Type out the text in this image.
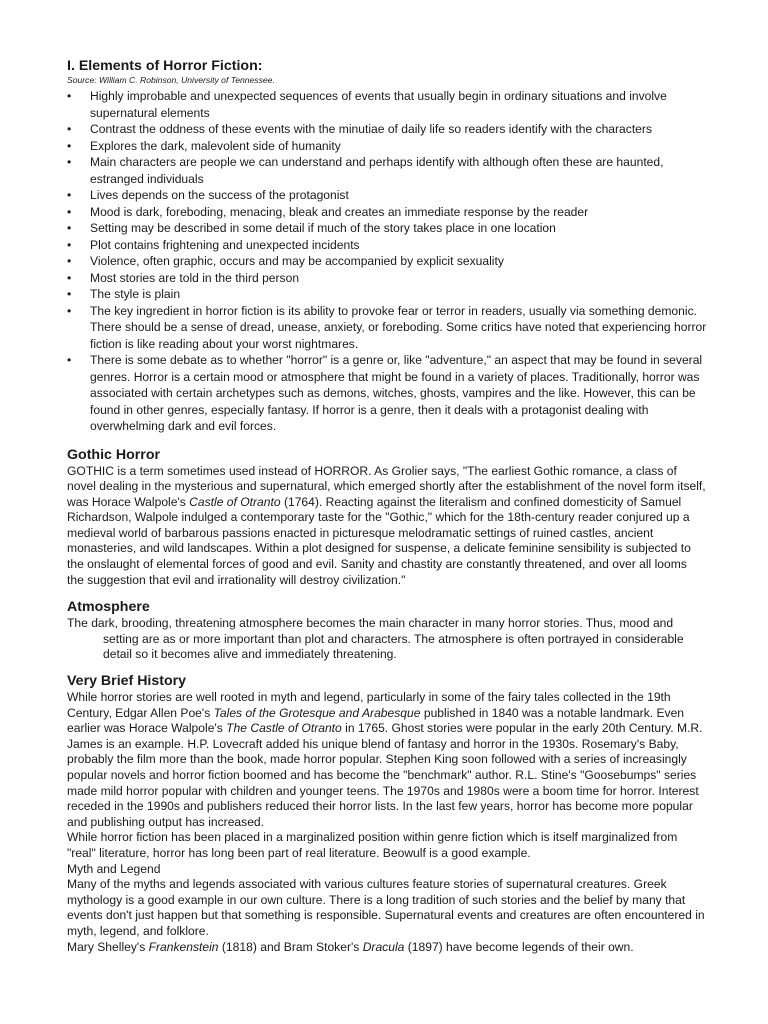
I. Elements of Horror Fiction:

Source: William C. Robinson, University of Tennessee.

• Highly improbable and unexpected sequences of events that usually begin in ordinary situations and involve supernatural elements
• Contrast the oddness of these events with the minutiae of daily life so readers identify with the characters
• Explores the dark, malevolent side of humanity
• Main characters are people we can understand and perhaps identify with although often these are haunted, estranged individuals
• Lives depends on the success of the protagonist
• Mood is dark, foreboding, menacing, bleak and creates an immediate response by the reader
• Setting may be described in some detail if much of the story takes place in one location
• Plot contains frightening and unexpected incidents
• Violence, often graphic, occurs and may be accompanied by explicit sexuality
• Most stories are told in the third person
• The style is plain
• The key ingredient in horror fiction is its ability to provoke fear or terror in readers, usually via something demonic. There should be a sense of dread, unease, anxiety, or foreboding. Some critics have noted that experiencing horror fiction is like reading about your worst nightmares.
• There is some debate as to whether "horror" is a genre or, like "adventure," an aspect that may be found in several genres. Horror is a certain mood or atmosphere that might be found in a variety of places. Traditionally, horror was associated with certain archetypes such as demons, witches, ghosts, vampires and the like. However, this can be found in other genres, especially fantasy. If horror is a genre, then it deals with a protagonist dealing with overwhelming dark and evil forces.
Gothic Horror

GOTHIC is a term sometimes used instead of HORROR. As Grolier says, "The earliest Gothic romance, a class of novel dealing in the mysterious and supernatural, which emerged shortly after the establishment of the novel form itself, was Horace Walpole's Castle of Otranto (1764). Reacting against the literalism and confined domesticity of Samuel Richardson, Walpole indulged a contemporary taste for the "Gothic," which for the 18th-century reader conjured up a medieval world of barbarous passions enacted in picturesque melodramatic settings of ruined castles, ancient monasteries, and wild landscapes. Within a plot designed for suspense, a delicate feminine sensibility is subjected to the onslaught of elemental forces of good and evil. Sanity and chastity are constantly threatened, and over all looms the suggestion that evil and irrationality will destroy civilization."

Atmosphere

The dark, brooding, threatening atmosphere becomes the main character in many horror stories. Thus, mood and setting are as or more important than plot and characters. The atmosphere is often portrayed in considerable detail so it becomes alive and immediately threatening.

Very Brief History

While horror stories are well rooted in myth and legend, particularly in some of the fairy tales collected in the 19th Century, Edgar Allen Poe's Tales of the Grotesque and Arabesque published in 1840 was a notable landmark. Even earlier was Horace Walpole's The Castle of Otranto in 1765. Ghost stories were popular in the early 20th Century. M.R. James is an example. H.P. Lovecraft added his unique blend of fantasy and horror in the 1930s. Rosemary's Baby, probably the film more than the book, made horror popular. Stephen King soon followed with a series of increasingly popular novels and horror fiction boomed and has become the "benchmark" author. R.L. Stine's "Goosebumps" series made mild horror popular with children and younger teens. The 1970s and 1980s were a boom time for horror. Interest receded in the 1990s and publishers reduced their horror lists. In the last few years, horror has become more popular and publishing output has increased.

While horror fiction has been placed in a marginalized position within genre fiction which is itself marginalized from "real" literature, horror has long been part of real literature. Beowulf is a good example.

Myth and Legend

Many of the myths and legends associated with various cultures feature stories of supernatural creatures. Greek mythology is a good example in our own culture. There is a long tradition of such stories and the belief by many that events don't just happen but that something is responsible. Supernatural events and creatures are often encountered in myth, legend, and folklore.

Mary Shelley's Frankenstein (1818) and Bram Stoker's Dracula (1897) have become legends of their own.
